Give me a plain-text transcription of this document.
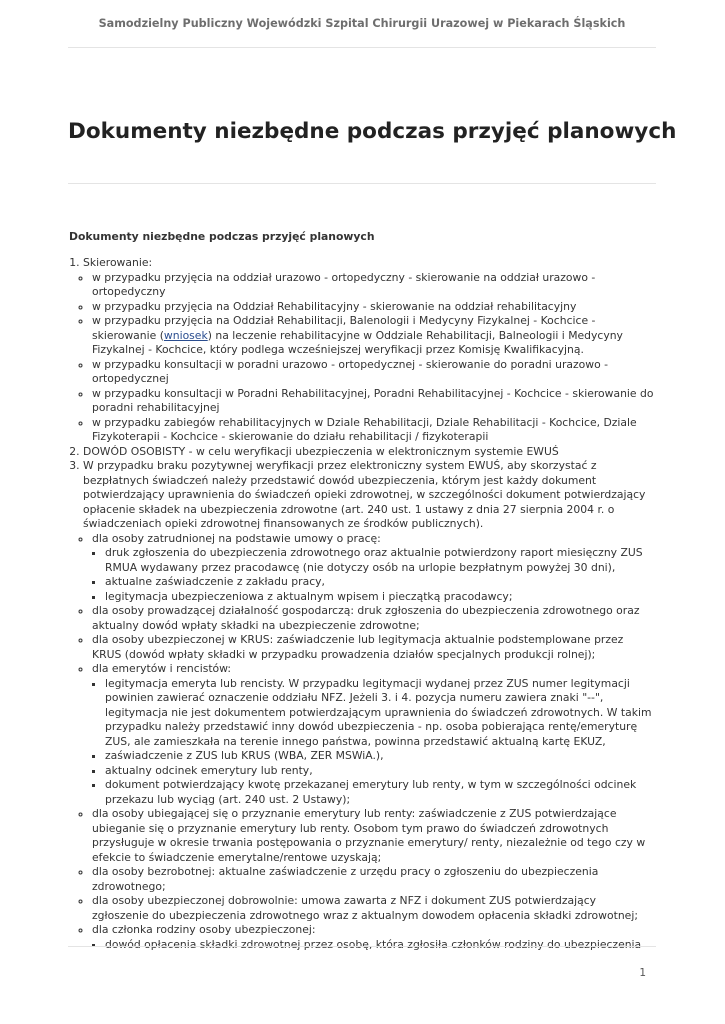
Samodzielny Publiczny Wojewódzki Szpital Chirurgii Urazowej w Piekarach Śląskich
Dokumenty niezbędne podczas przyjęć planowych
Dokumenty niezbędne podczas przyjęć planowych
1. Skierowanie:
◦ w przypadku przyjęcia na oddział urazowo - ortopedyczny - skierowanie na oddział urazowo - ortopedyczny
◦ w przypadku przyjęcia na Oddział Rehabilitacyjny - skierowanie na oddział rehabilitacyjny
◦ w przypadku przyjęcia na Oddział Rehabilitacji, Balenologii i Medycyny Fizykalnej - Kochcice - skierowanie (wniosek) na leczenie rehabilitacyjne w Oddziale Rehabilitacji, Balneologii i Medycyny Fizykalnej - Kochcice, który podlega wcześniejszej weryfikacji przez Komisję Kwalifikacyjną.
◦ w przypadku konsultacji w poradni urazowo - ortopedycznej - skierowanie do poradni urazowo - ortopedycznej
◦ w przypadku konsultacji w Poradni Rehabilitacyjnej, Poradni Rehabilitacyjnej - Kochcice - skierowanie do poradni rehabilitacyjnej
◦ w przypadku zabiegów rehabilitacyjnych w Dziale Rehabilitacji, Dziale Rehabilitacji - Kochcice, Dziale Fizykoterapii - Kochcice - skierowanie do działu rehabilitacji / fizykoterapii
2. DOWÓD OSOBISTY - w celu weryfikacji ubezpieczenia w elektronicznym systemie EWUŚ
3. W przypadku braku pozytywnej weryfikacji przez elektroniczny system EWUŚ, aby skorzystać z bezpłatnych świadczeń należy przedstawić dowód ubezpieczenia, którym jest każdy dokument potwierdzający uprawnienia do świadczeń opieki zdrowotnej, w szczególności dokument potwierdzający opłacenie składek na ubezpieczenia zdrowotne (art. 240 ust. 1 ustawy z dnia 27 sierpnia 2004 r. o świadczeniach opieki zdrowotnej finansowanych ze środków publicznych).
◦ dla osoby zatrudnionej na podstawie umowy o pracę:
▪ druk zgłoszenia do ubezpieczenia zdrowotnego oraz aktualnie potwierdzony raport miesięczny ZUS RMUA wydawany przez pracodawcę (nie dotyczy osób na urlopie bezpłatnym powyżej 30 dni),
▪ aktualne zaświadczenie z zakładu pracy,
▪ legitymacja ubezpieczeniowa z aktualnym wpisem i pieczątką pracodawcy;
◦ dla osoby prowadzącej działalność gospodarczą: druk zgłoszenia do ubezpieczenia zdrowotnego oraz aktualny dowód wpłaty składki na ubezpieczenie zdrowotne;
◦ dla osoby ubezpieczonej w KRUS: zaświadczenie lub legitymacja aktualnie podstemplowane przez KRUS (dowód wpłaty składki w przypadku prowadzenia działów specjalnych produkcji rolnej);
◦ dla emerytów i rencistów:
▪ legitymacja emeryta lub rencisty. W przypadku legitymacji wydanej przez ZUS numer legitymacji powinien zawierać oznaczenie oddziału NFZ. Jeżeli 3. i 4. pozycja numeru zawiera znaki "--", legitymacja nie jest dokumentem potwierdzającym uprawnienia do świadczeń zdrowotnych. W takim przypadku należy przedstawić inny dowód ubezpieczenia - np. osoba pobierająca rentę/emeryturę ZUS, ale zamieszkała na terenie innego państwa, powinna przedstawić aktualną kartę EKUZ,
▪ zaświadczenie z ZUS lub KRUS (WBA, ZER MSWiA.),
▪ aktualny odcinek emerytury lub renty,
▪ dokument potwierdzający kwotę przekazanej emerytury lub renty, w tym w szczególności odcinek przekazu lub wyciąg (art. 240 ust. 2 Ustawy);
◦ dla osoby ubiegającej się o przyznanie emerytury lub renty: zaświadczenie z ZUS potwierdzające ubieganie się o przyznanie emerytury lub renty. Osobom tym prawo do świadczeń zdrowotnych przysługuje w okresie trwania postępowania o przyznanie emerytury/ renty, niezależnie od tego czy w efekcie to świadczenie emerytalne/rentowe uzyskają;
◦ dla osoby bezrobotnej: aktualne zaświadczenie z urzędu pracy o zgłoszeniu do ubezpieczenia zdrowotnego;
◦ dla osoby ubezpieczonej dobrowolnie: umowa zawarta z NFZ i dokument ZUS potwierdzający zgłoszenie do ubezpieczenia zdrowotnego wraz z aktualnym dowodem opłacenia składki zdrowotnej;
◦ dla członka rodziny osoby ubezpieczonej:
▪ dowód opłacenia składki zdrowotnej przez osobę, która zgłosiła członków rodziny do ubezpieczenia
1
